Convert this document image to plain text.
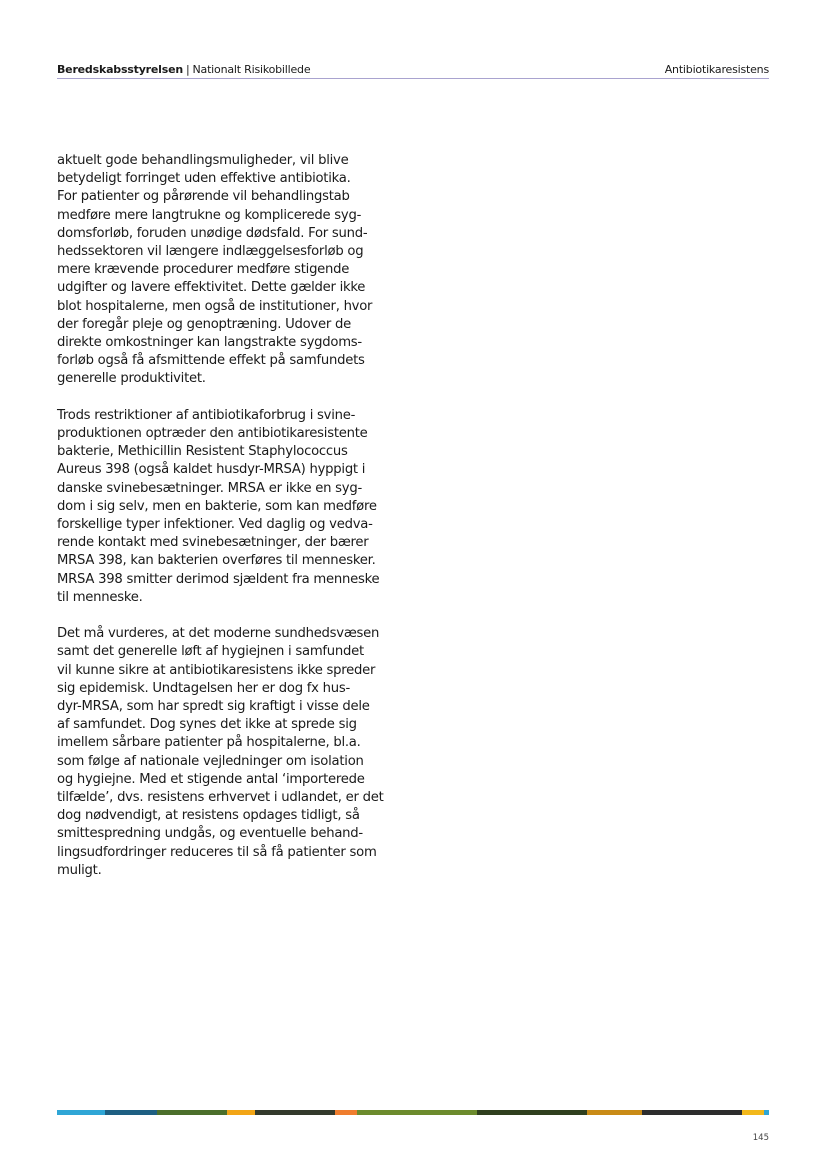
Beredskabsstyrelsen | Nationalt Risikobillede	Antibiotikaresistens

aktuelt gode behandlingsmuligheder, vil blive
betydeligt forringet uden effektive antibiotika.
For patienter og pårørende vil behandlingstab
medføre mere langtrukne og komplicerede syg-
domsforløb, foruden unødige dødsfald. For sund-
hedssektoren vil længere indlæggelsesforløb og
mere krævende procedurer medføre stigende
udgifter og lavere effektivitet. Dette gælder ikke
blot hospitalerne, men også de institutioner, hvor
der foregår pleje og genoptræning. Udover de
direkte omkostninger kan langstrakte sygdoms-
forløb også få afsmittende effekt på samfundets
generelle produktivitet.

Trods restriktioner af antibiotikaforbrug i svine-
produktionen optræder den antibiotikaresistente
bakterie, Methicillin Resistent Staphylococcus
Aureus 398 (også kaldet husdyr-MRSA) hyppigt i
danske svinebesætninger. MRSA er ikke en syg-
dom i sig selv, men en bakterie, som kan medføre
forskellige typer infektioner. Ved daglig og vedva-
rende kontakt med svinebesætninger, der bærer
MRSA 398, kan bakterien overføres til mennesker.
MRSA 398 smitter derimod sjældent fra menneske
til menneske.

Det må vurderes, at det moderne sundhedsvæsen
samt det generelle løft af hygiejnen i samfundet
vil kunne sikre at antibiotikaresistens ikke spreder
sig epidemisk. Undtagelsen her er dog fx hus-
dyr-MRSA, som har spredt sig kraftigt i visse dele
af samfundet. Dog synes det ikke at sprede sig
imellem sårbare patienter på hospitalerne, bl.a.
som følge af nationale vejledninger om isolation
og hygiejne. Med et stigende antal ‘importerede
tilfælde’, dvs. resistens erhvervet i udlandet, er det
dog nødvendigt, at resistens opdages tidligt, så
smittespredning undgås, og eventuelle behand-
lingsudfordringer reduceres til så få patienter som
muligt.

145
